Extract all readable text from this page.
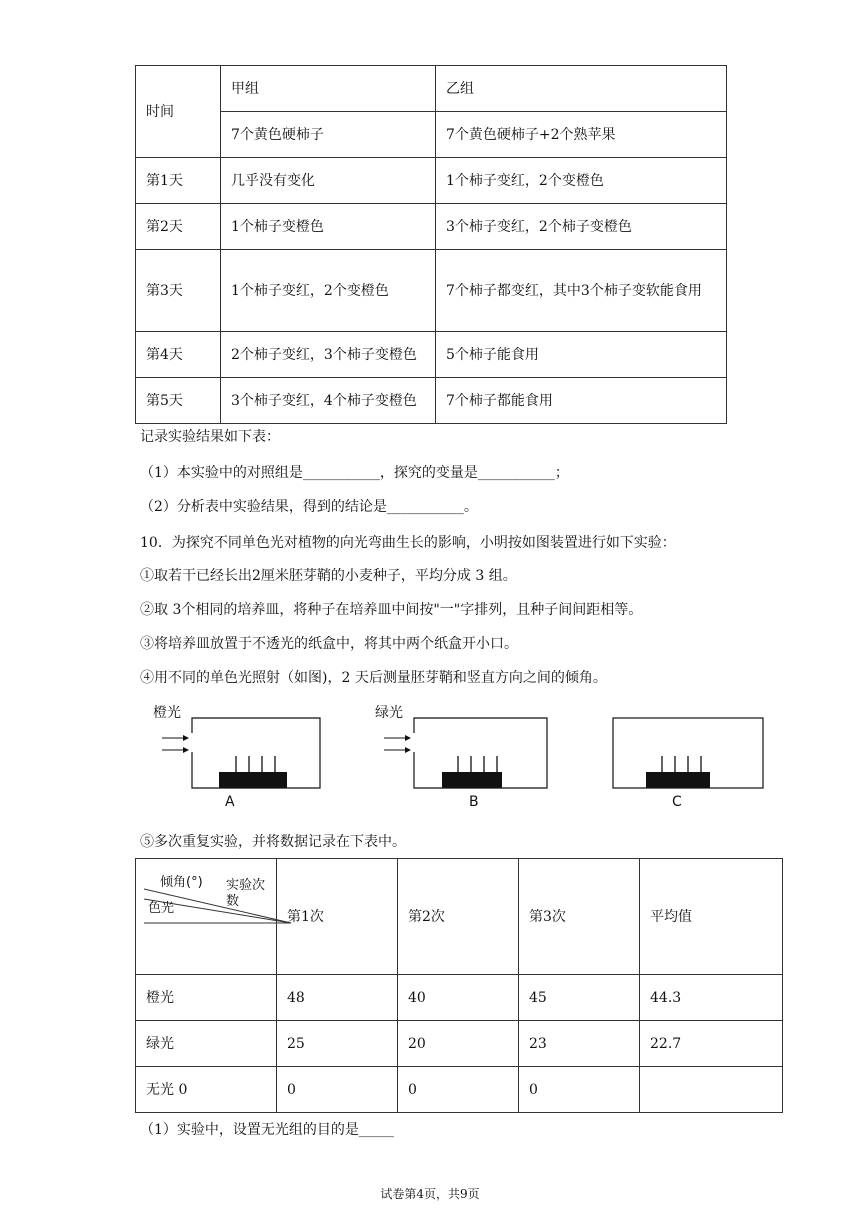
时间	甲组	乙组
	7个黄色硬柿子	7个黄色硬柿子+2个熟苹果
第1天	几乎没有变化	1个柿子变红，2个变橙色
第2天	1个柿子变橙色	3个柿子变红，2个柿子变橙色
第3天	1个柿子变红，2个变橙色	7个柿子都变红，其中3个柿子变软能食用
第4天	2个柿子变红，3个柿子变橙色	5个柿子能食用
第5天	3个柿子变红，4个柿子变橙色	7个柿子都能食用
记录实验结果如下表：
（1）本实验中的对照组是___________，探究的变量是___________；
（2）分析表中实验结果，得到的结论是___________。
10．为探究不同单色光对植物的向光弯曲生长的影响，小明按如图装置进行如下实验：
①取若干已经长出2厘米胚芽鞘的小麦种子，平均分成 3 组。
②取 3个相同的培养皿，将种子在培养皿中间按"一"字排列，且种子间间距相等。
③将培养皿放置于不透光的纸盒中，将其中两个纸盒开小口。
④用不同的单色光照射（如图)，2 天后测量胚芽鞘和竖直方向之间的倾角。
橙光
A
绿光
B	C
⑤多次重复实验，并将数据记录在下表中。
倾角(°) 实验次数
色光	第1次	第2次	第3次	平均值
橙光	48	40	45	44.3
绿光	25	20	23	22.7
无光 0	0	0	0	
（1）实验中，设置无光组的目的是_____
试卷第4页，共9页
